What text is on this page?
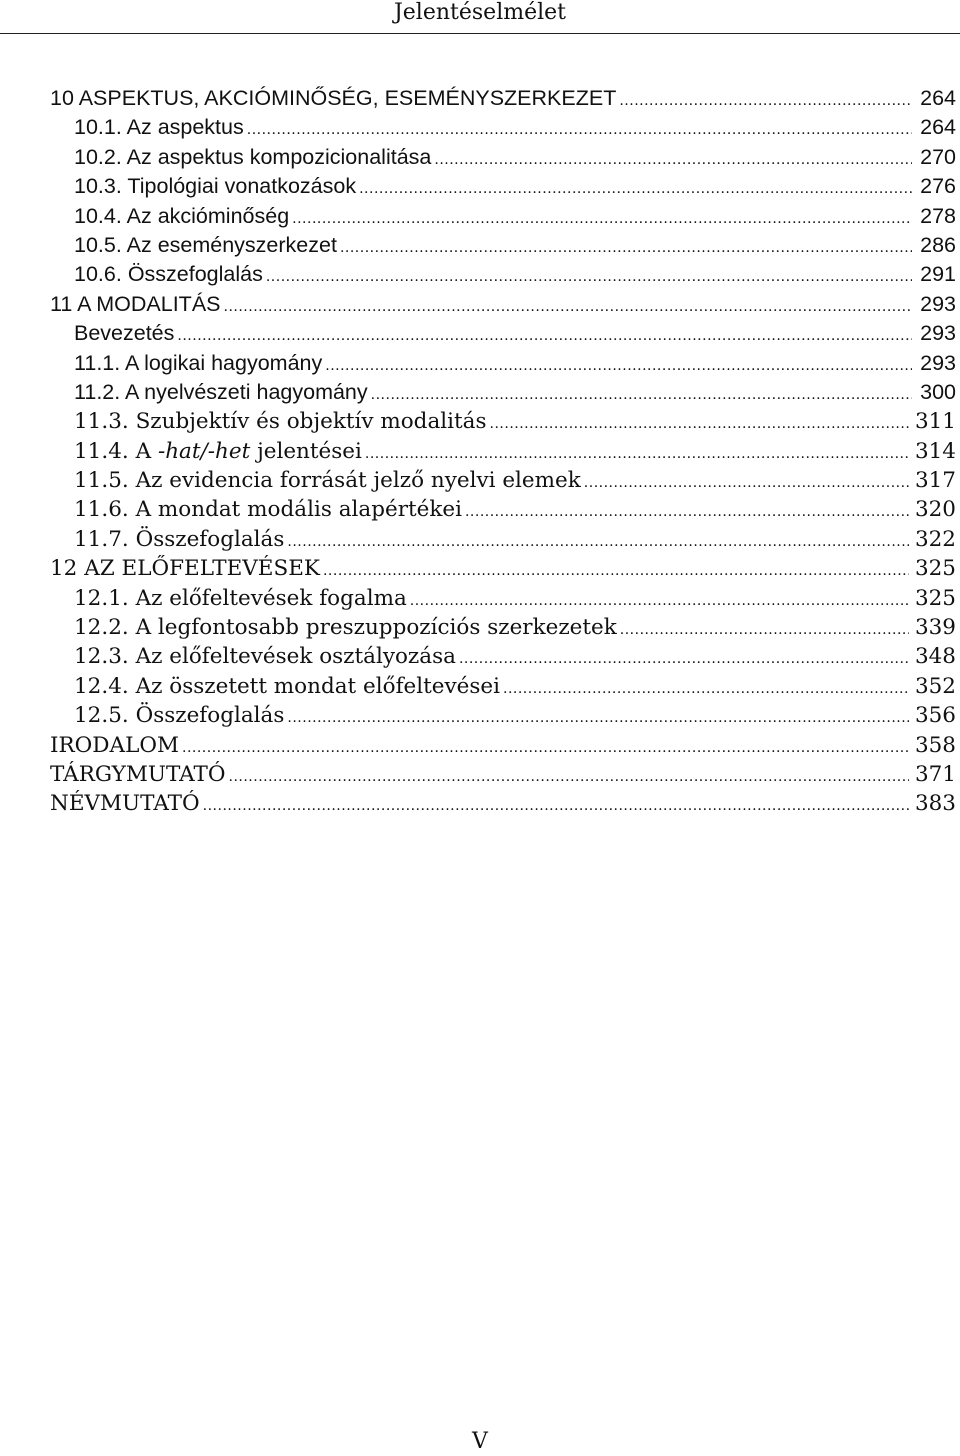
Jelentéselmélet
10 ASPEKTUS, AKCIÓMINŐSÉG, ESEMÉNYSZERKEZET .....	264
10.1. Az aspektus .....	264
10.2. Az aspektus kompozicionalitása .....	270
10.3. Tipológiai vonatkozások .....	276
10.4. Az akcióminőség .....	278
10.5. Az eseményszerkezet .....	286
10.6. Összefoglalás .....	291
11 A MODALITÁS .....	293
Bevezetés .....	293
11.1. A logikai hagyomány .....	293
11.2. A nyelvészeti hagyomány .....	300
11.3. Szubjektív és objektív modalitás .....	311
11.4. A -hat/-het jelentései .....	314
11.5. Az evidencia forrását jelző nyelvi elemek .....	317
11.6. A mondat modális alapértékei .....	320
11.7. Összefoglalás .....	322
12 AZ ELŐFELTEVÉSEK .....	325
12.1. Az előfeltevések fogalma .....	325
12.2. A legfontosabb preszuppozíciós szerkezetek .....	339
12.3. Az előfeltevések osztályozása .....	348
12.4. Az összetett mondat előfeltevései .....	352
12.5. Összefoglalás .....	356
IRODALOM .....	358
TÁRGYMUTATÓ .....	371
NÉVMUTATÓ .....	383
V
